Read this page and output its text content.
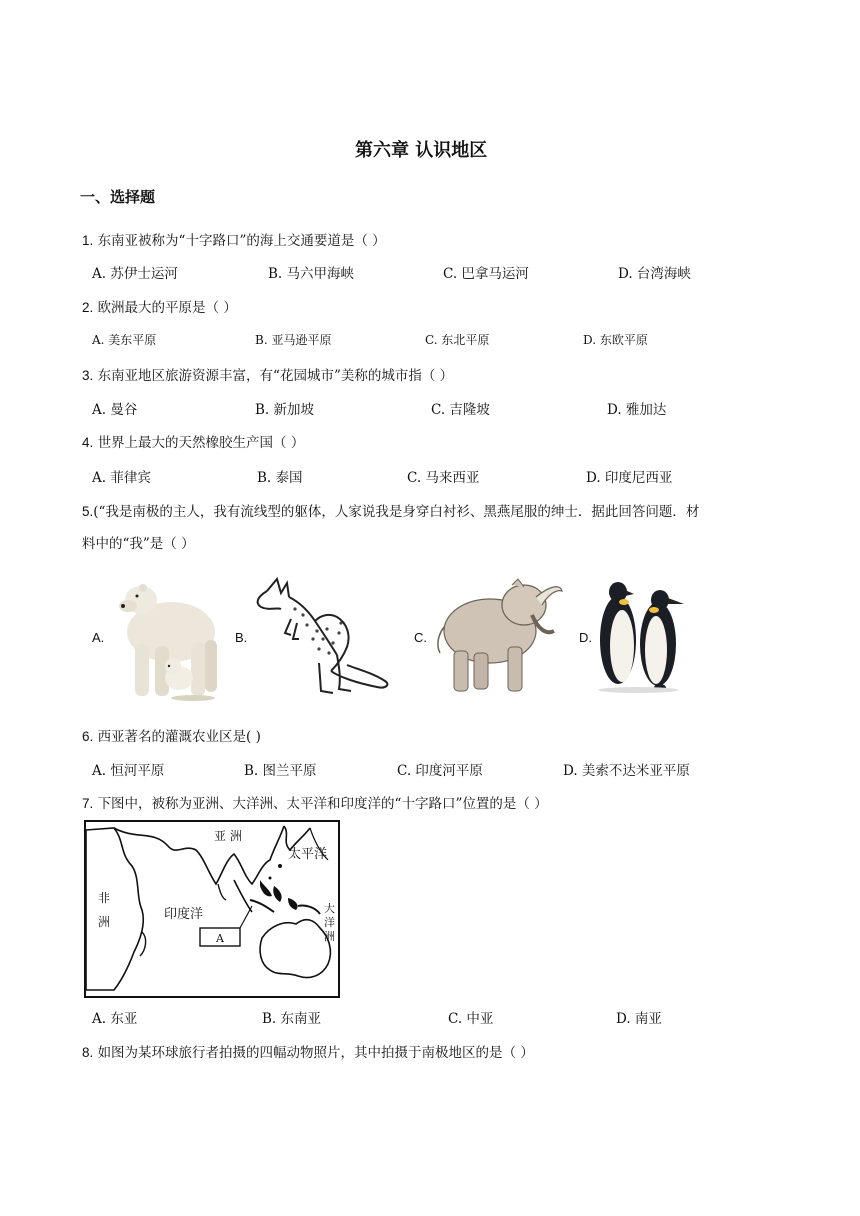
第六章 认识地区
一、选择题
1. 东南亚被称为“十字路口”的海上交通要道是（ ）
A. 苏伊士运河	B. 马六甲海峡	C. 巴拿马运河	D. 台湾海峡
2. 欧洲最大的平原是（ ）
A. 美东平原	B. 亚马逊平原	C. 东北平原	D. 东欧平原
3. 东南亚地区旅游资源丰富，有“花园城市”美称的城市指（ ）
A. 曼谷	B. 新加坡	C. 吉隆坡	D. 雅加达
4. 世界上最大的天然橡胶生产国（ ）
A. 菲律宾	B. 泰国	C. 马来西亚	D. 印度尼西亚
5.(“我是南极的主人，我有流线型的躯体，人家说我是身穿白衬衫、黑燕尾服的绅士．据此回答问题．材
料中的“我”是（ ）
A.	B.	C.	D.
6. 西亚著名的灌溉农业区是( )
A. 恒河平原	B. 图兰平原	C. 印度河平原	D. 美索不达米亚平原
7. 下图中，被称为亚洲、大洋洲、太平洋和印度洋的“十字路口”位置的是（ ）
亚 洲
太平洋
非
洲	印度洋	大
洋
洲
A
A. 东亚	B. 东南亚	C. 中亚	D. 南亚
8. 如图为某环球旅行者拍摄的四幅动物照片，其中拍摄于南极地区的是（ ）
